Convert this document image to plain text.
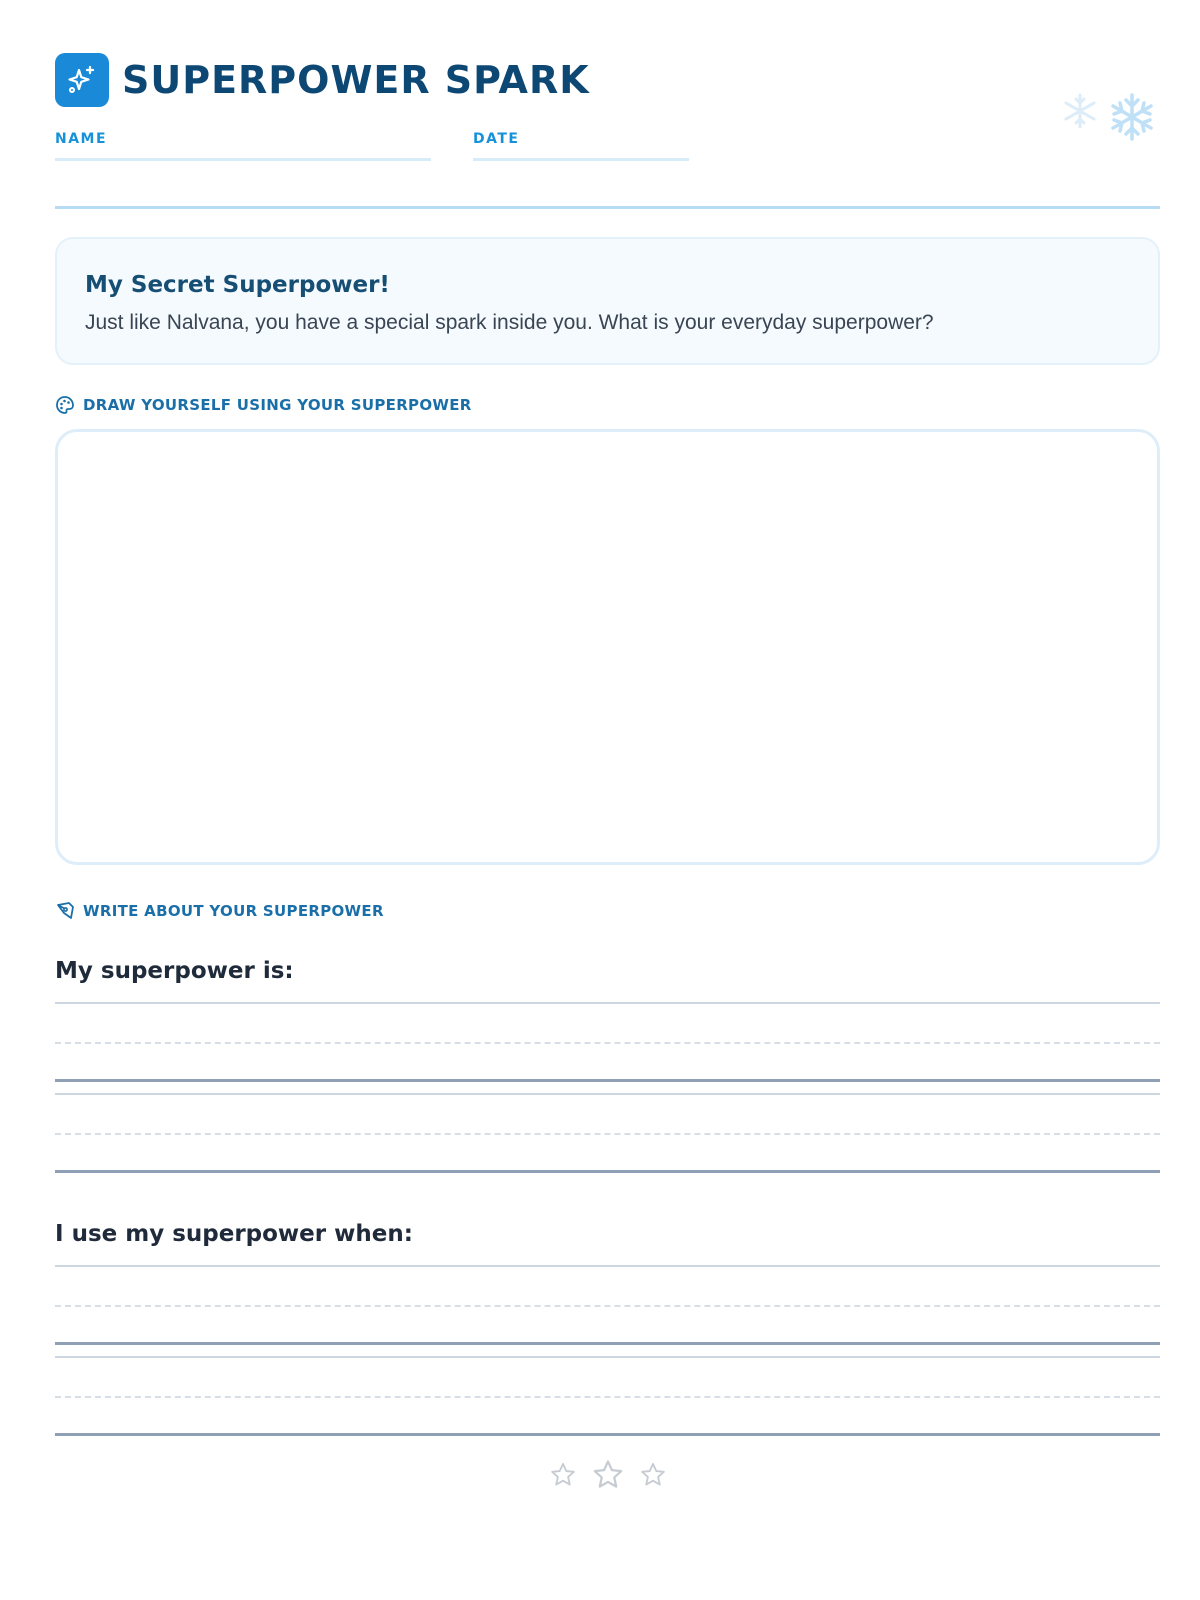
SUPERPOWER SPARK
NAME	DATE
My Secret Superpower!
Just like Nalvana, you have a special spark inside you. What is your everyday superpower?
DRAW YOURSELF USING YOUR SUPERPOWER
WRITE ABOUT YOUR SUPERPOWER
My superpower is:
I use my superpower when:
